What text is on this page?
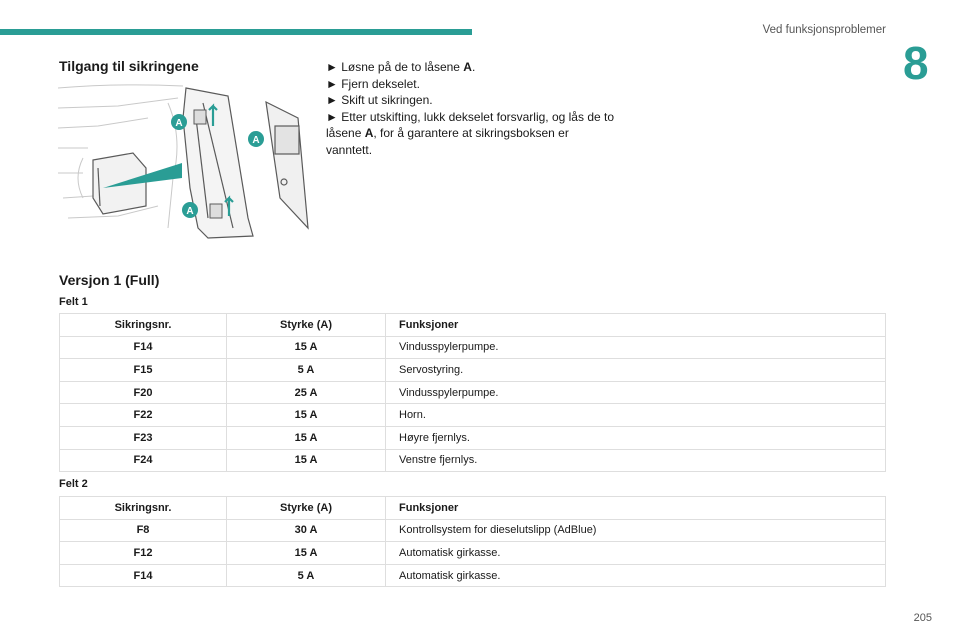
Ved funksjonsproblemer
8
Tilgang til sikringene
A
A
A

► Løsne på de to låsene A.

► Fjern dekselet.

► Skift ut sikringen.

► Etter utskifting, lukk dekselet forsvarlig, og lås de to låsene A, for å garantere at sikringsboksen er vanntett.

Versjon 1 (Full)
Felt 1
Sikringsnr.	Styrke (A)	Funksjoner
F14	15 A	Vindusspylerpumpe.
F15	5 A	Servostyring.
F20	25 A	Vindusspylerpumpe.
F22	15 A	Horn.
F23	15 A	Høyre fjernlys.
F24	15 A	Venstre fjernlys.
Felt 2
Sikringsnr.	Styrke (A)	Funksjoner
F8	30 A	Kontrollsystem for dieselutslipp (AdBlue)
F12	15 A	Automatisk girkasse.
F14	5 A	Automatisk girkasse.
205
